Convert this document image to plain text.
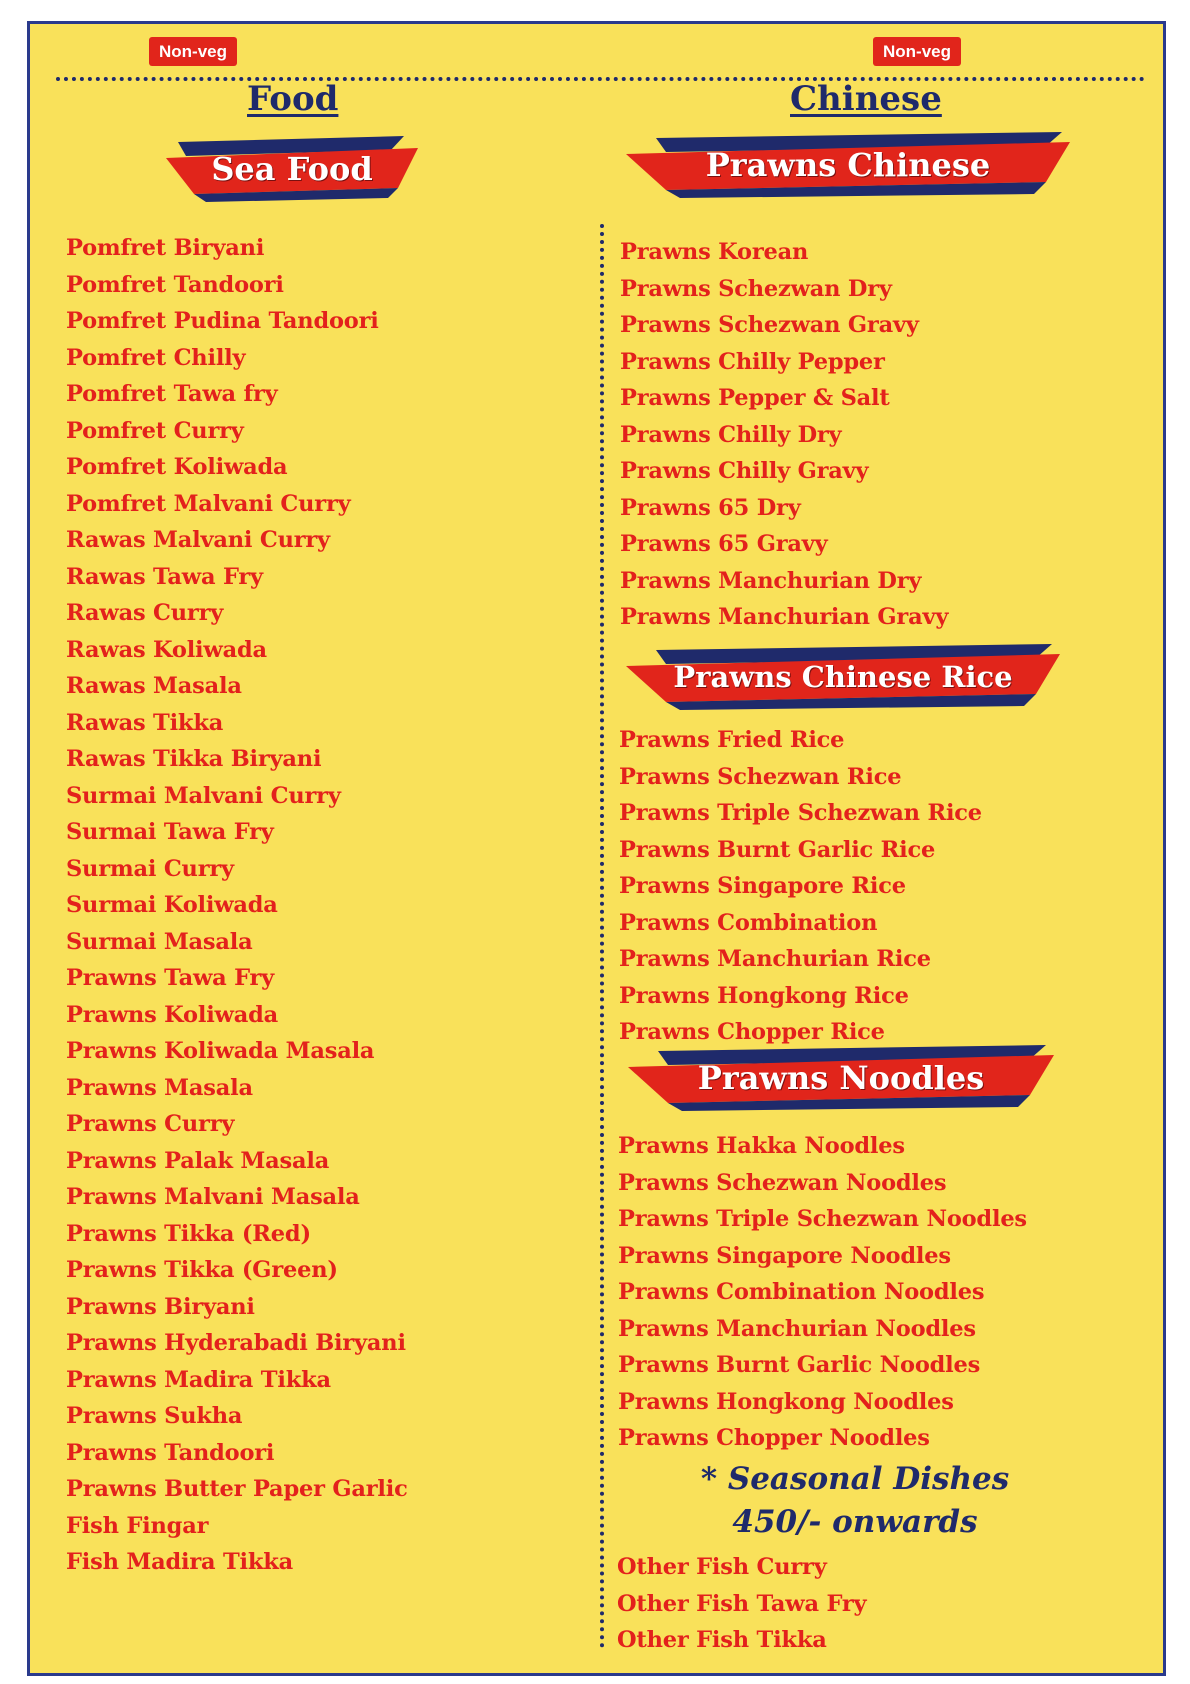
Non-veg	Non-veg
Food	Chinese
Sea Food	Prawns Chinese
Prawns Chinese Rice
Prawns Noodles
Pomfret Biryani
Pomfret Tandoori
Pomfret Pudina Tandoori
Pomfret Chilly
Pomfret Tawa fry
Pomfret Curry
Pomfret Koliwada
Pomfret Malvani Curry
Rawas Malvani Curry
Rawas Tawa Fry
Rawas Curry
Rawas Koliwada
Rawas Masala
Rawas Tikka
Rawas Tikka Biryani
Surmai Malvani Curry
Surmai Tawa Fry
Surmai Curry
Surmai Koliwada
Surmai Masala
Prawns Tawa Fry
Prawns Koliwada
Prawns Koliwada Masala
Prawns Masala
Prawns Curry
Prawns Palak Masala
Prawns Malvani Masala
Prawns Tikka (Red)
Prawns Tikka (Green)
Prawns Biryani
Prawns Hyderabadi Biryani
Prawns Madira Tikka
Prawns Sukha
Prawns Tandoori
Prawns Butter Paper Garlic
Fish Fingar
Fish Madira Tikka
Prawns Korean
Prawns Schezwan Dry
Prawns Schezwan Gravy
Prawns Chilly Pepper
Prawns Pepper & Salt
Prawns Chilly Dry
Prawns Chilly Gravy
Prawns 65 Dry
Prawns 65 Gravy
Prawns Manchurian Dry
Prawns Manchurian Gravy
Prawns Fried Rice
Prawns Schezwan Rice
Prawns Triple Schezwan Rice
Prawns Burnt Garlic Rice
Prawns Singapore Rice
Prawns Combination
Prawns Manchurian Rice
Prawns Hongkong Rice
Prawns Chopper Rice
Prawns Hakka Noodles
Prawns Schezwan Noodles
Prawns Triple Schezwan Noodles
Prawns Singapore Noodles
Prawns Combination Noodles
Prawns Manchurian Noodles
Prawns Burnt Garlic Noodles
Prawns Hongkong Noodles
Prawns Chopper Noodles
* Seasonal Dishes
450/- onwards
Other Fish Curry
Other Fish Tawa Fry
Other Fish Tikka
